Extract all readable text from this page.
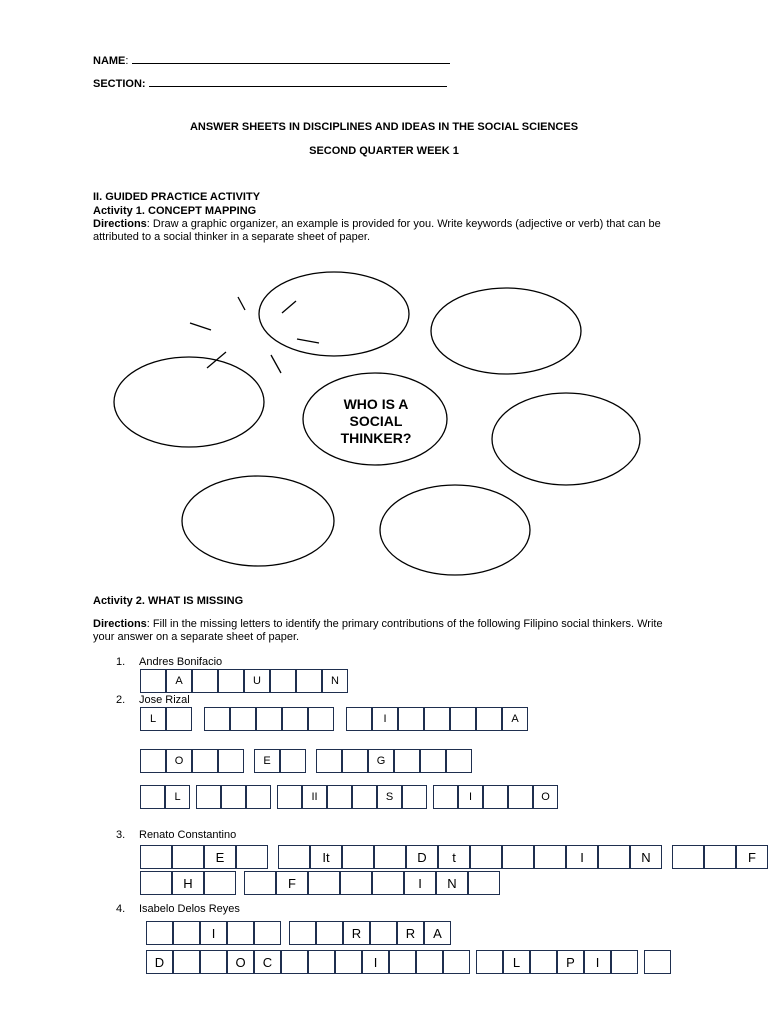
NAME:
SECTION:
ANSWER SHEETS IN DISCIPLINES AND IDEAS IN THE SOCIAL SCIENCES
SECOND QUARTER WEEK 1
II. GUIDED PRACTICE ACTIVITY
Activity 1. CONCEPT MAPPING
Directions: Draw a graphic organizer, an example is provided for you. Write keywords (adjective or verb) that can be attributed to a social thinker in a separate sheet of paper.
WHO IS A
SOCIAL
THINKER?
Activity 2. WHAT IS MISSING
Directions: Fill in the missing letters to identify the primary contributions of the following Filipino social thinkers. Write your answer on a separate sheet of paper.
1. Andres Bonifacio
2. Jose Rizal
3. Renato Constantino
4. Isabelo Delos Reyes
A	U	N
L	I	A
O	E	G
L	II	S	I	O
E	It	D	t	I	N	F
H	F	I	N
I	R	R	A
D	O	C	I	L	P	I
